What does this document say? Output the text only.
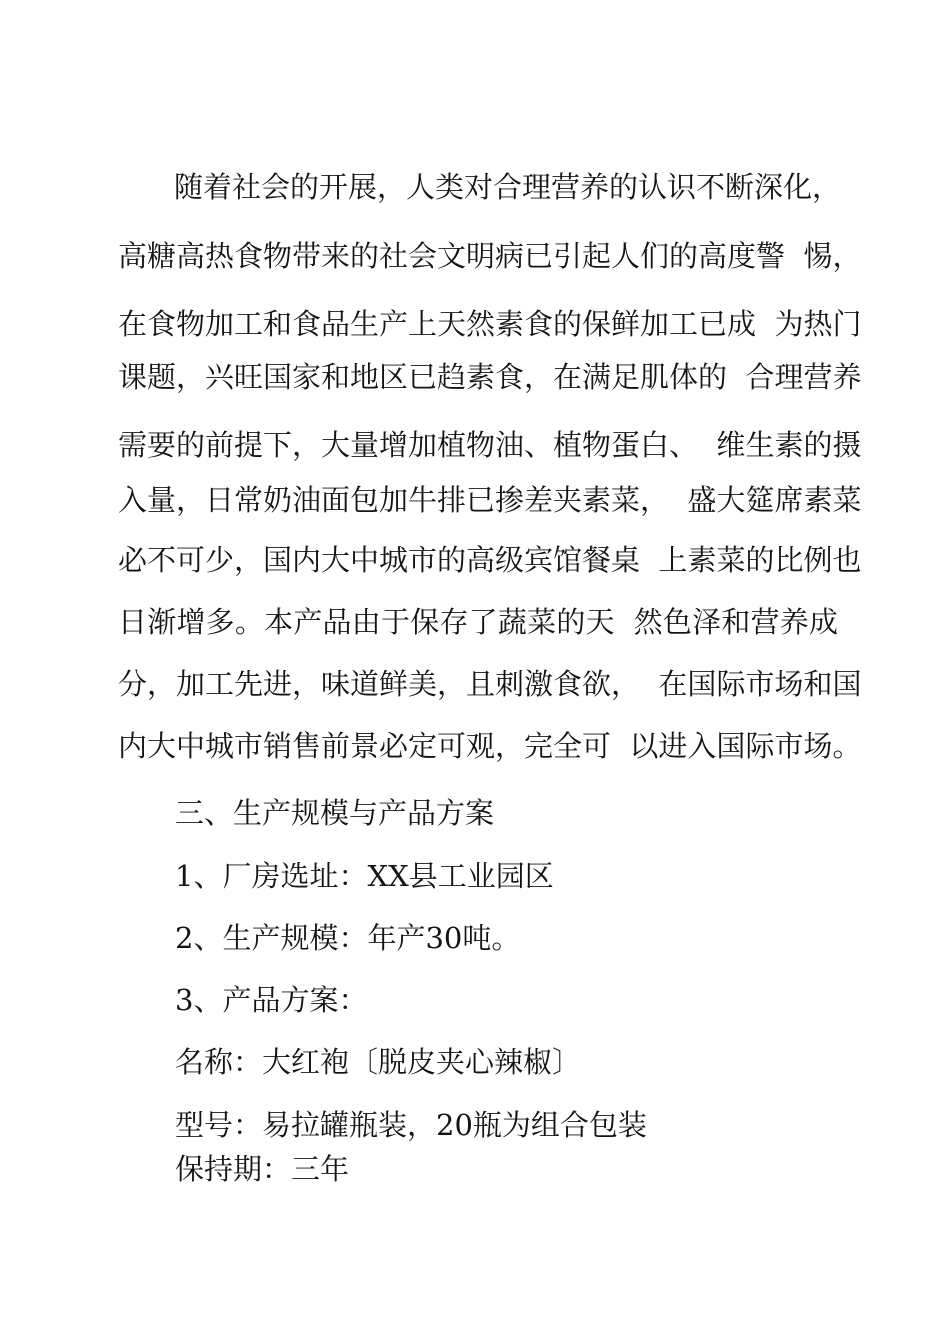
随着社会的开展，人类对合理营养的认识不断深化，

高糖高热食物带来的社会文明病已引起人们的高度警  惕，

在食物加工和食品生产上天然素食的保鲜加工已成  为热门

课题，兴旺国家和地区已趋素食，在满足肌体的  合理营养

需要的前提下，大量增加植物油、植物蛋白、  维生素的摄

入量，日常奶油面包加牛排已掺差夹素菜，  盛大筵席素菜

必不可少，国内大中城市的高级宾馆餐桌  上素菜的比例也

日渐增多。本产品由于保存了蔬菜的天  然色泽和营养成

分，加工先进，味道鲜美，且刺激食欲，  在国际市场和国

内大中城市销售前景必定可观，完全可  以进入国际市场。

三、生产规模与产品方案

1、厂房选址：XX县工业园区

2、生产规模：年产30吨。

3、产品方案：

名称：大红袍〔脱皮夹心辣椒〕

型号：易拉罐瓶装，20瓶为组合包装

保持期：三年
